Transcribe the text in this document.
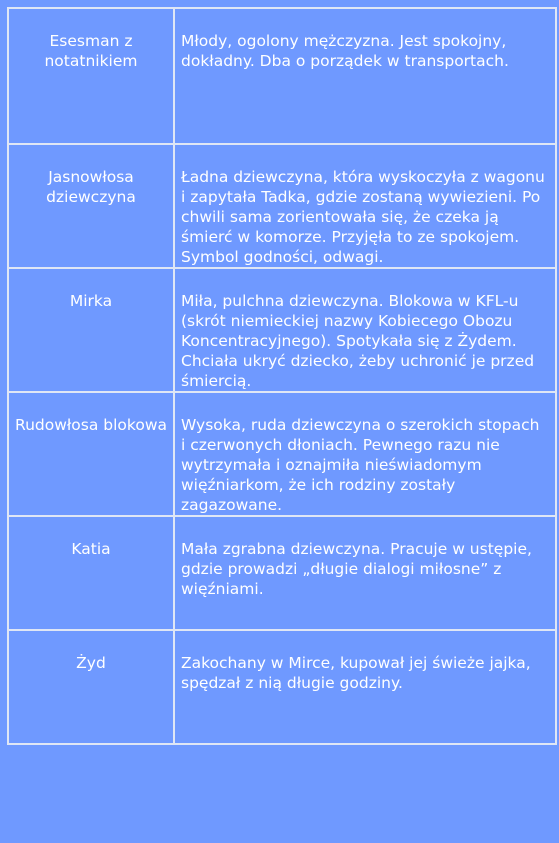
Esesman z notatnikiem	Młody, ogolony mężczyzna. Jest spokojny, dokładny. Dba o porządek w transportach.
Jasnowłosa dziewczyna	Ładna dziewczyna, która wyskoczyła z wagonu i zapytała Tadka, gdzie zostaną wywiezieni. Po chwili sama zorientowała się, że czeka ją śmierć w komorze. Przyjęła to ze spokojem. Symbol godności, odwagi.
Mirka	Miła, pulchna dziewczyna. Blokowa w KFL-u (skrót niemieckiej nazwy Kobiecego Obozu Koncentracyjnego). Spotykała się z Żydem. Chciała ukryć dziecko, żeby uchronić je przed śmiercią.
Rudowłosa blokowa	Wysoka, ruda dziewczyna o szerokich stopach i czerwonych dłoniach. Pewnego razu nie wytrzymała i oznajmiła nieświadomym więźniarkom, że ich rodziny zostały zagazowane.
Katia	Mała zgrabna dziewczyna. Pracuje w ustępie, gdzie prowadzi „długie dialogi miłosne” z więźniami.
Żyd	Zakochany w Mirce, kupował jej świeże jajka, spędzał z nią długie godziny.
